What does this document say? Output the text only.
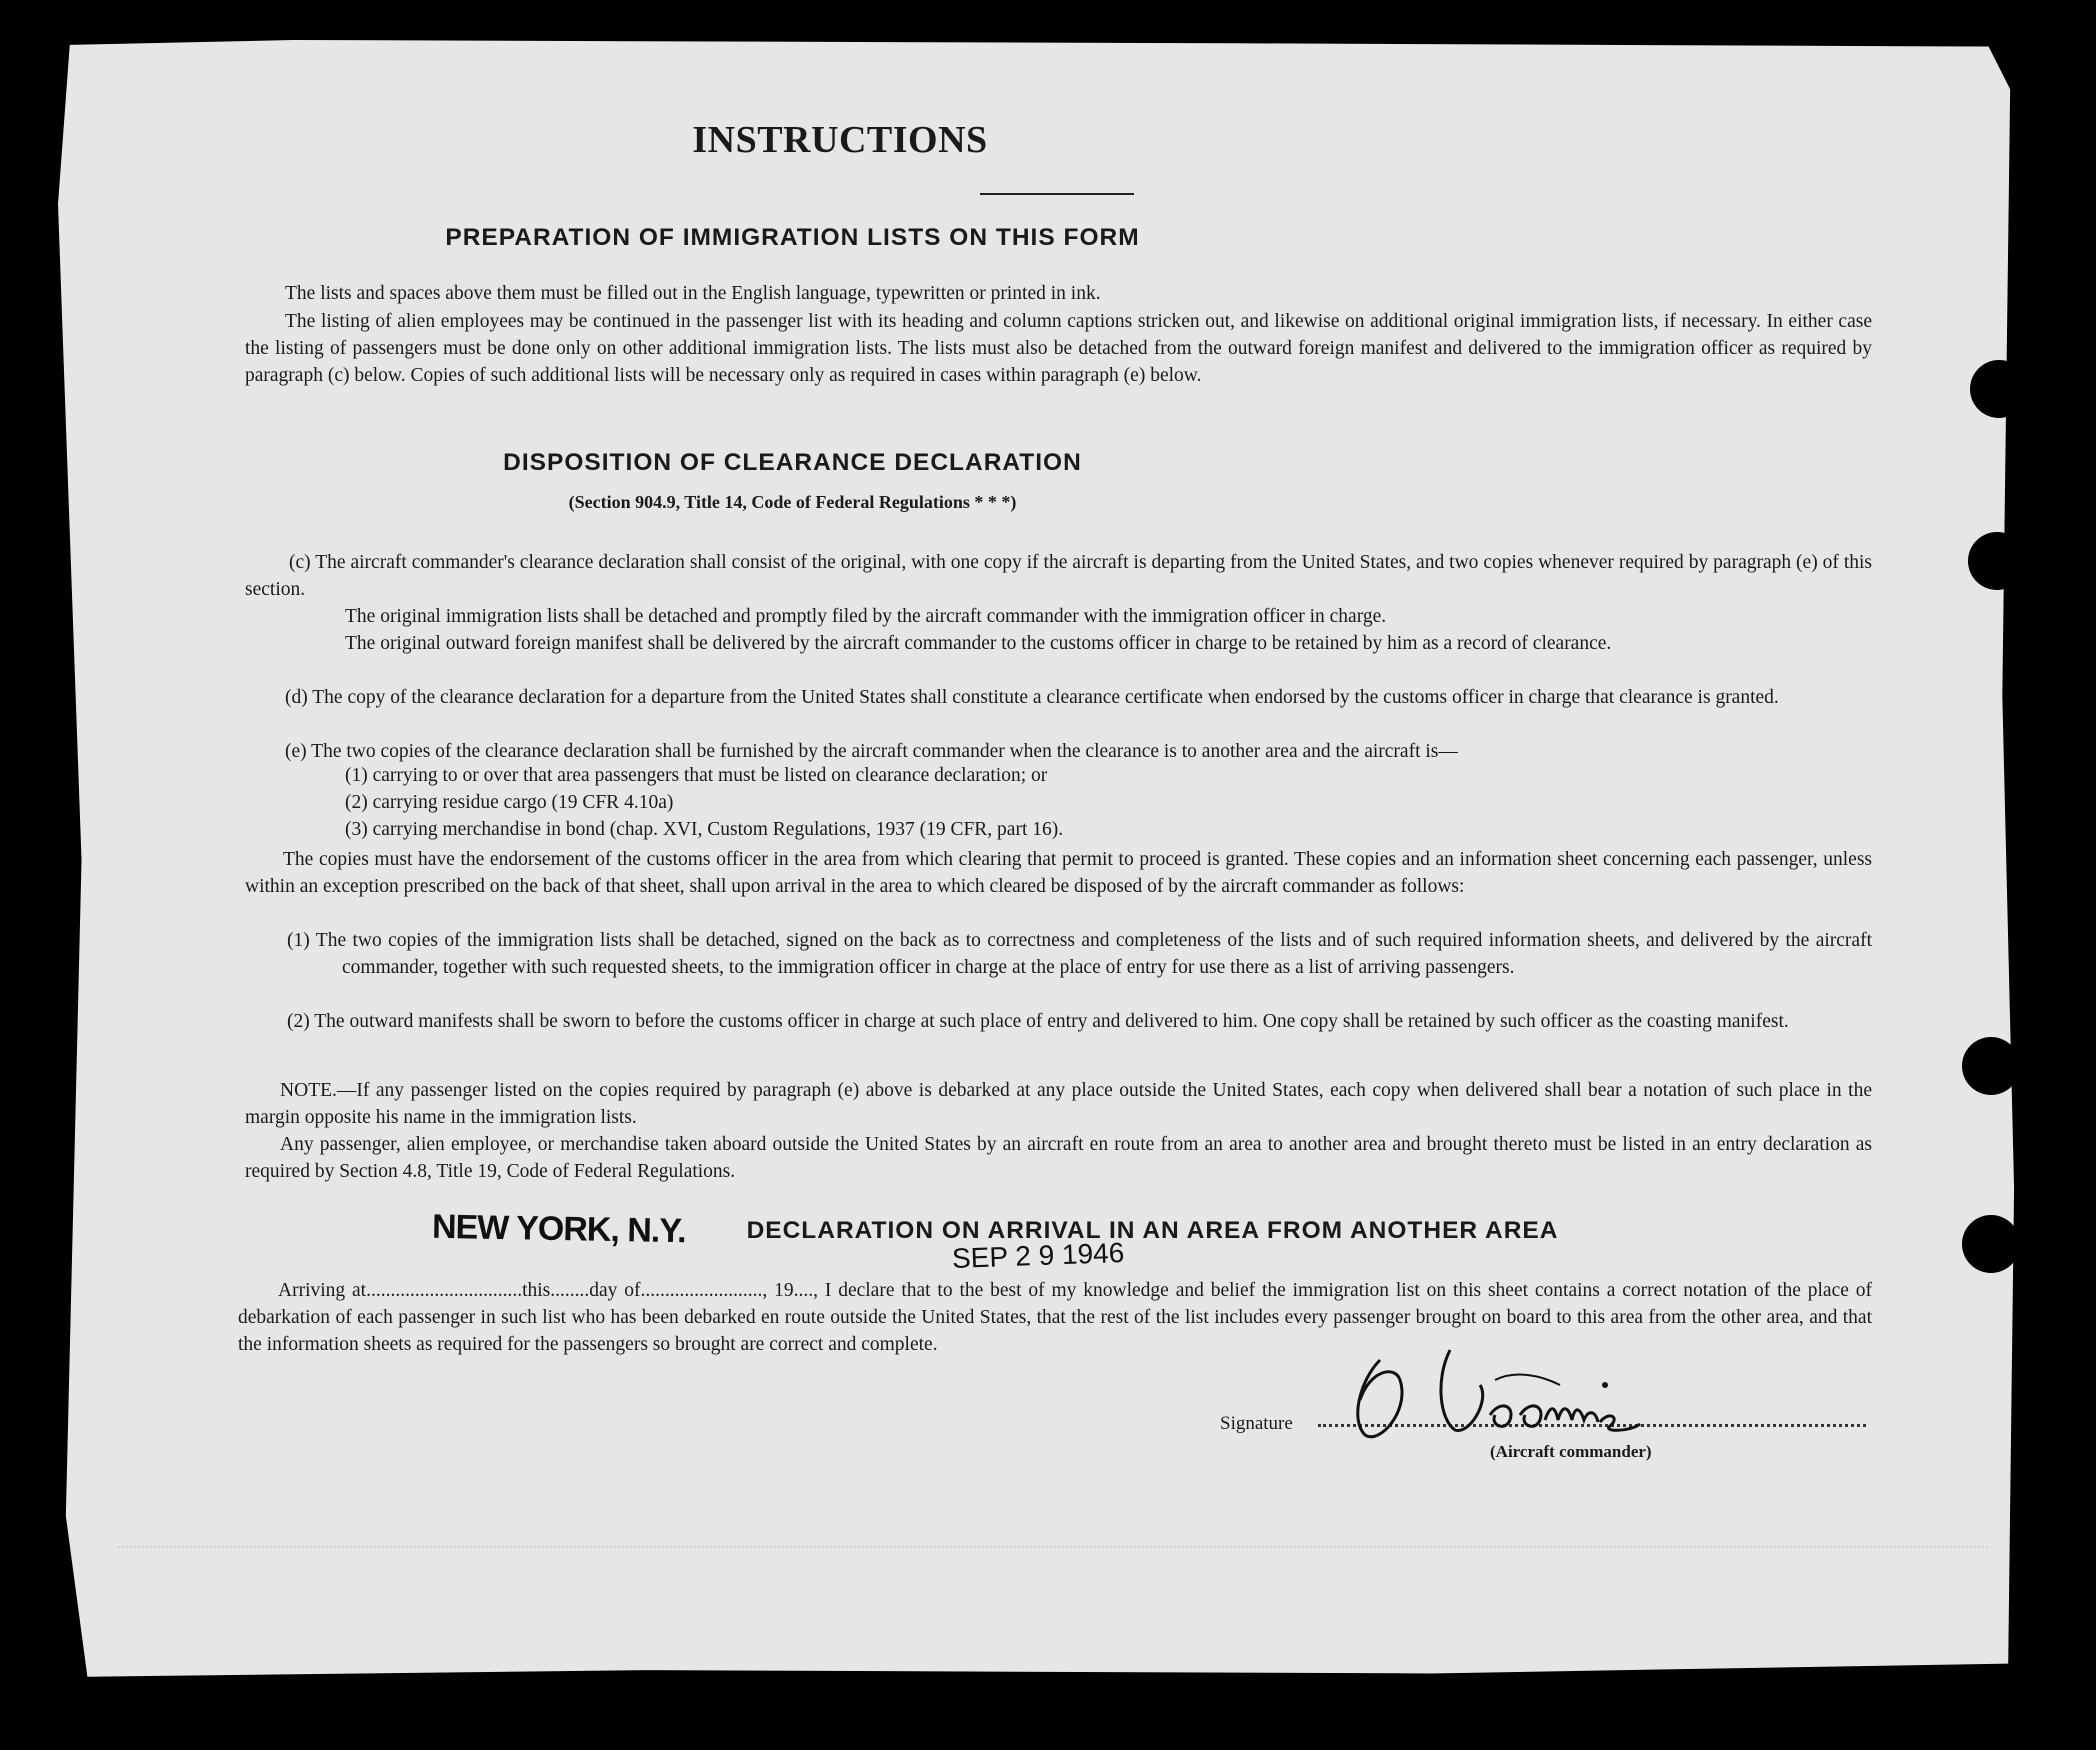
INSTRUCTIONS
PREPARATION OF IMMIGRATION LISTS ON THIS FORM

The lists and spaces above them must be filled out in the English language, typewritten or printed in ink.

The listing of alien employees may be continued in the passenger list with its heading and column captions stricken out, and likewise on additional original immigration lists, if necessary. In either case the listing of passengers must be done only on other additional immigration lists. The lists must also be detached from the outward foreign manifest and delivered to the immigration officer as required by paragraph (c) below. Copies of such additional lists will be necessary only as required in cases within paragraph (e) below.

DISPOSITION OF CLEARANCE DECLARATION
(Section 904.9, Title 14, Code of Federal Regulations * * *)

(c) The aircraft commander's clearance declaration shall consist of the original, with one copy if the aircraft is departing from the United States, and two copies whenever required by paragraph (e) of this section.

The original immigration lists shall be detached and promptly filed by the aircraft commander with the immigration officer in charge.

The original outward foreign manifest shall be delivered by the aircraft commander to the customs officer in charge to be retained by him as a record of clearance.

(d) The copy of the clearance declaration for a departure from the United States shall constitute a clearance certificate when endorsed by the customs officer in charge that clearance is granted.

(e) The two copies of the clearance declaration shall be furnished by the aircraft commander when the clearance is to another area and the aircraft is—

(1) carrying to or over that area passengers that must be listed on clearance declaration; or
(2) carrying residue cargo (19 CFR 4.10a)
(3) carrying merchandise in bond (chap. XVI, Custom Regulations, 1937 (19 CFR, part 16).

The copies must have the endorsement of the customs officer in the area from which clearing that permit to proceed is granted. These copies and an information sheet concerning each passenger, unless within an exception prescribed on the back of that sheet, shall upon arrival in the area to which cleared be disposed of by the aircraft commander as follows:

(1) The two copies of the immigration lists shall be detached, signed on the back as to correctness and completeness of the lists and of such required information sheets, and delivered by the aircraft commander, together with such requested sheets, to the immigration officer in charge at the place of entry for use there as a list of arriving passengers.

(2) The outward manifests shall be sworn to before the customs officer in charge at such place of entry and delivered to him. One copy shall be retained by such officer as the coasting manifest.

NOTE.—If any passenger listed on the copies required by paragraph (e) above is debarked at any place outside the United States, each copy when delivered shall bear a notation of such place in the margin opposite his name in the immigration lists.

Any passenger, alien employee, or merchandise taken aboard outside the United States by an aircraft en route from an area to another area and brought thereto must be listed in an entry declaration as required by Section 4.8, Title 19, Code of Federal Regulations.

DECLARATION ON ARRIVAL IN AN AREA FROM ANOTHER AREA

Arriving at................................this........day of........................., 19...., I declare that to the best of my knowledge and belief the immigration list on this sheet contains a correct notation of the place of debarkation of each passenger in such list who has been debarked en route outside the United States, that the rest of the list includes every passenger brought on board to this area from the other area, and that the information sheets as required for the passengers so brought are correct and complete.

NEW YORK, N.Y.
SEP 2 9 1946
Signature
(Aircraft commander)
